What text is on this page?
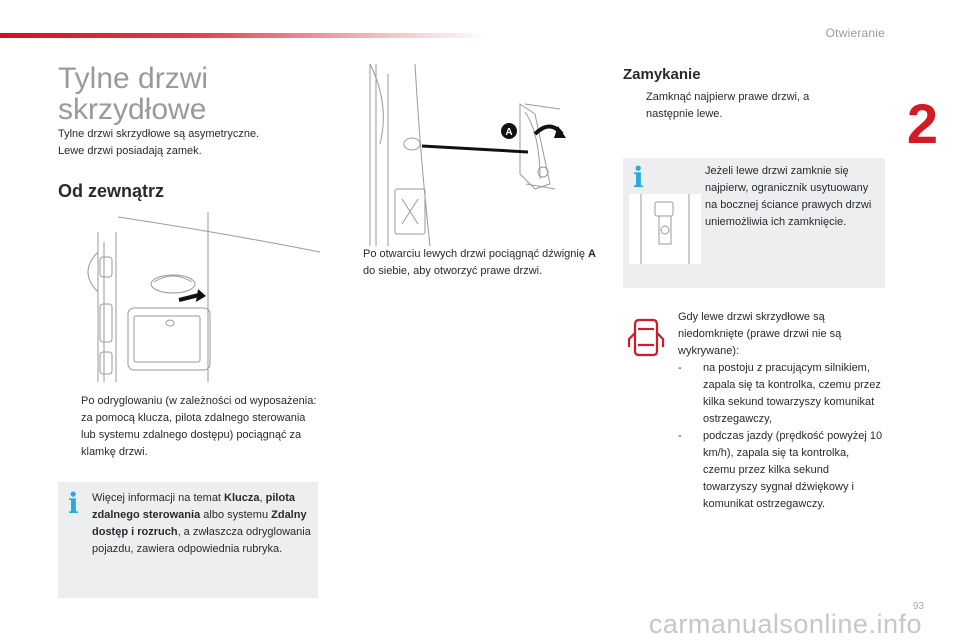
Otwieranie
2
Tylne drzwi
skrzydłowe
Tylne drzwi skrzydłowe są asymetryczne.
Lewe drzwi posiadają zamek.
Od zewnątrz
Po odryglowaniu (w zależności od wyposażenia: za pomocą klucza, pilota zdalnego sterowania lub systemu zdalnego dostępu) pociągnąć za klamkę drzwi.
i Więcej informacji na temat Klucza, pilota zdalnego sterowania albo systemu Zdalny dostęp i rozruch, a zwłaszcza odryglowania pojazdu, zawiera odpowiednia rubryka.
A
Po otwarciu lewych drzwi pociągnąć dźwignię A do siebie, aby otworzyć prawe drzwi.
Zamykanie
Zamknąć najpierw prawe drzwi, a następnie lewe.
i	Jeżeli lewe drzwi zamknie się najpierw, ogranicznik usytuowany na bocznej ściance prawych drzwi uniemożliwia ich zamknięcie.
Gdy lewe drzwi skrzydłowe są niedomknięte (prawe drzwi nie są wykrywane):
- na postoju z pracującym silnikiem, zapala się ta kontrolka, czemu przez kilka sekund towarzyszy komunikat ostrzegawczy,
- podczas jazdy (prędkość powyżej 10 km/h), zapala się ta kontrolka, czemu przez kilka sekund towarzyszy sygnał dźwiękowy i komunikat ostrzegawczy.
93
carmanualsonline.info
